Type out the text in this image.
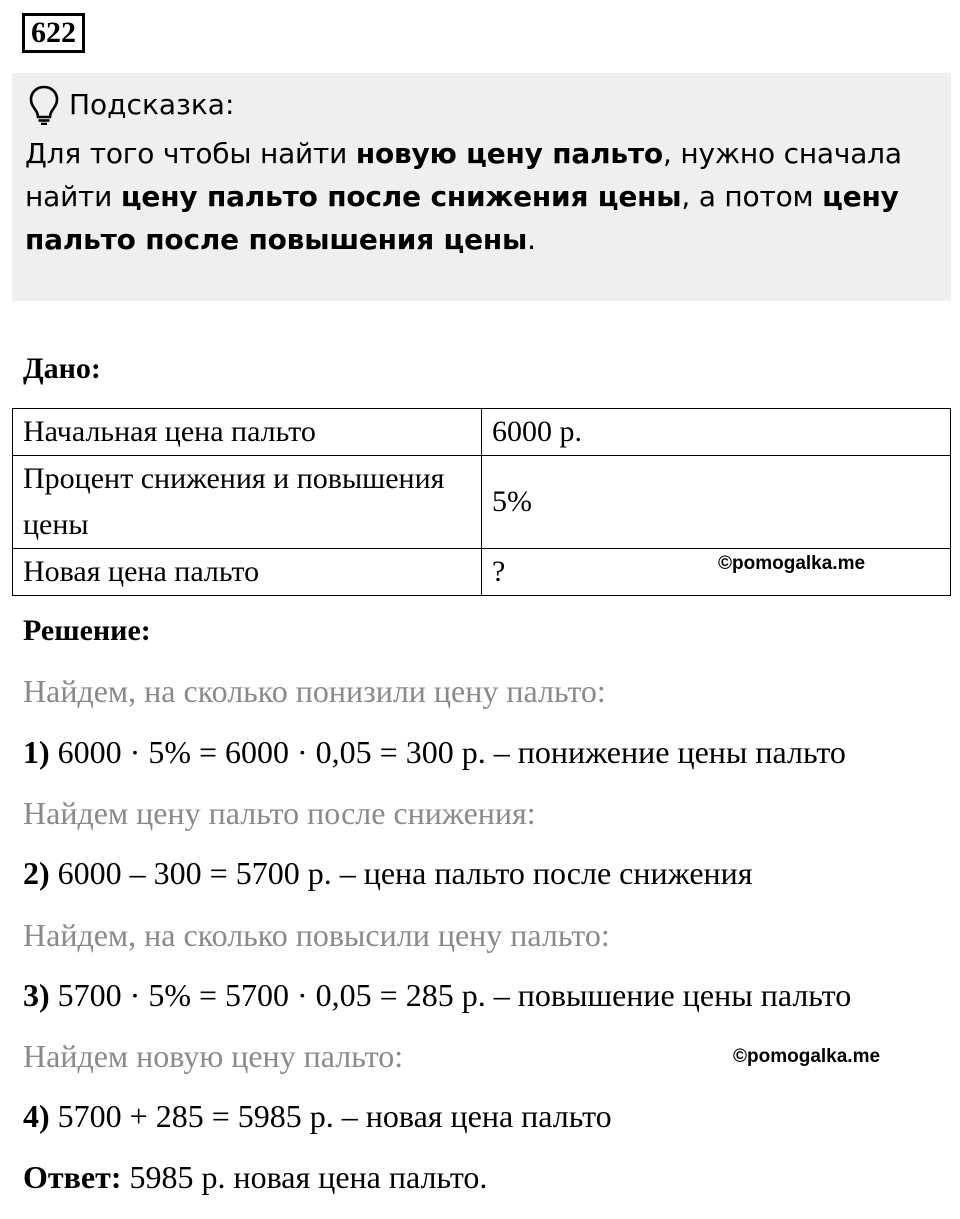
622
Подсказка:
Для того чтобы найти новую цену пальто, нужно сначала найти цену пальто после снижения цены, а потом цену пальто после повышения цены.
Дано:
Начальная цена пальто	6000 р.
Процент снижения и повышения цены	5%
Новая цена пальто	?	©pomogalka.me
Решение:
Найдем, на сколько понизили цену пальто:
1) 6000 · 5% = 6000 · 0,05 = 300 р. – понижение цены пальто
Найдем цену пальто после снижения:
2) 6000 – 300 = 5700 р. – цена пальто после снижения
Найдем, на сколько повысили цену пальто:
3) 5700 · 5% = 5700 · 0,05 = 285 р. – повышение цены пальто
Найдем новую цену пальто:	©pomogalka.me
4) 5700 + 285 = 5985 р. – новая цена пальто
Ответ: 5985 р. новая цена пальто.
